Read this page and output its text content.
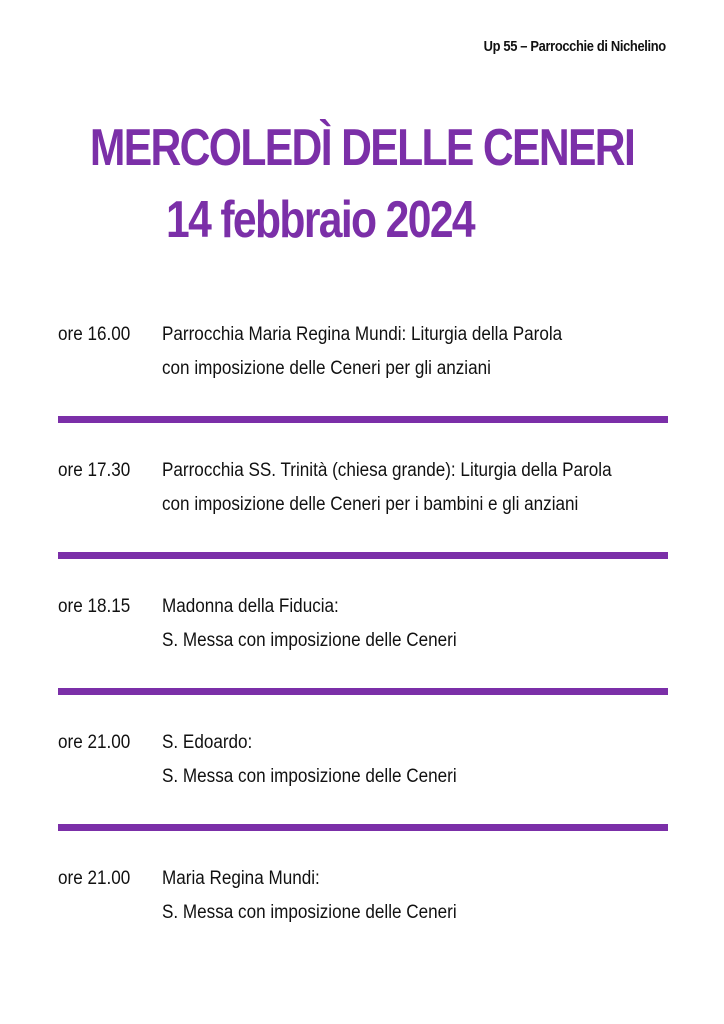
Up 55 – Parrocchie di Nichelino
MERCOLEDÌ DELLE CENERI
14 febbraio 2024
ore 16.00	Parrocchia Maria Regina Mundi: Liturgia della Parola
con imposizione delle Ceneri per gli anziani
ore 17.30	Parrocchia SS. Trinità (chiesa grande): Liturgia della Parola
con imposizione delle Ceneri per i bambini e gli anziani
ore 18.15	Madonna della Fiducia:
S. Messa con imposizione delle Ceneri
ore 21.00	S. Edoardo:
S. Messa con imposizione delle Ceneri
ore 21.00	Maria Regina Mundi:
S. Messa con imposizione delle Ceneri
